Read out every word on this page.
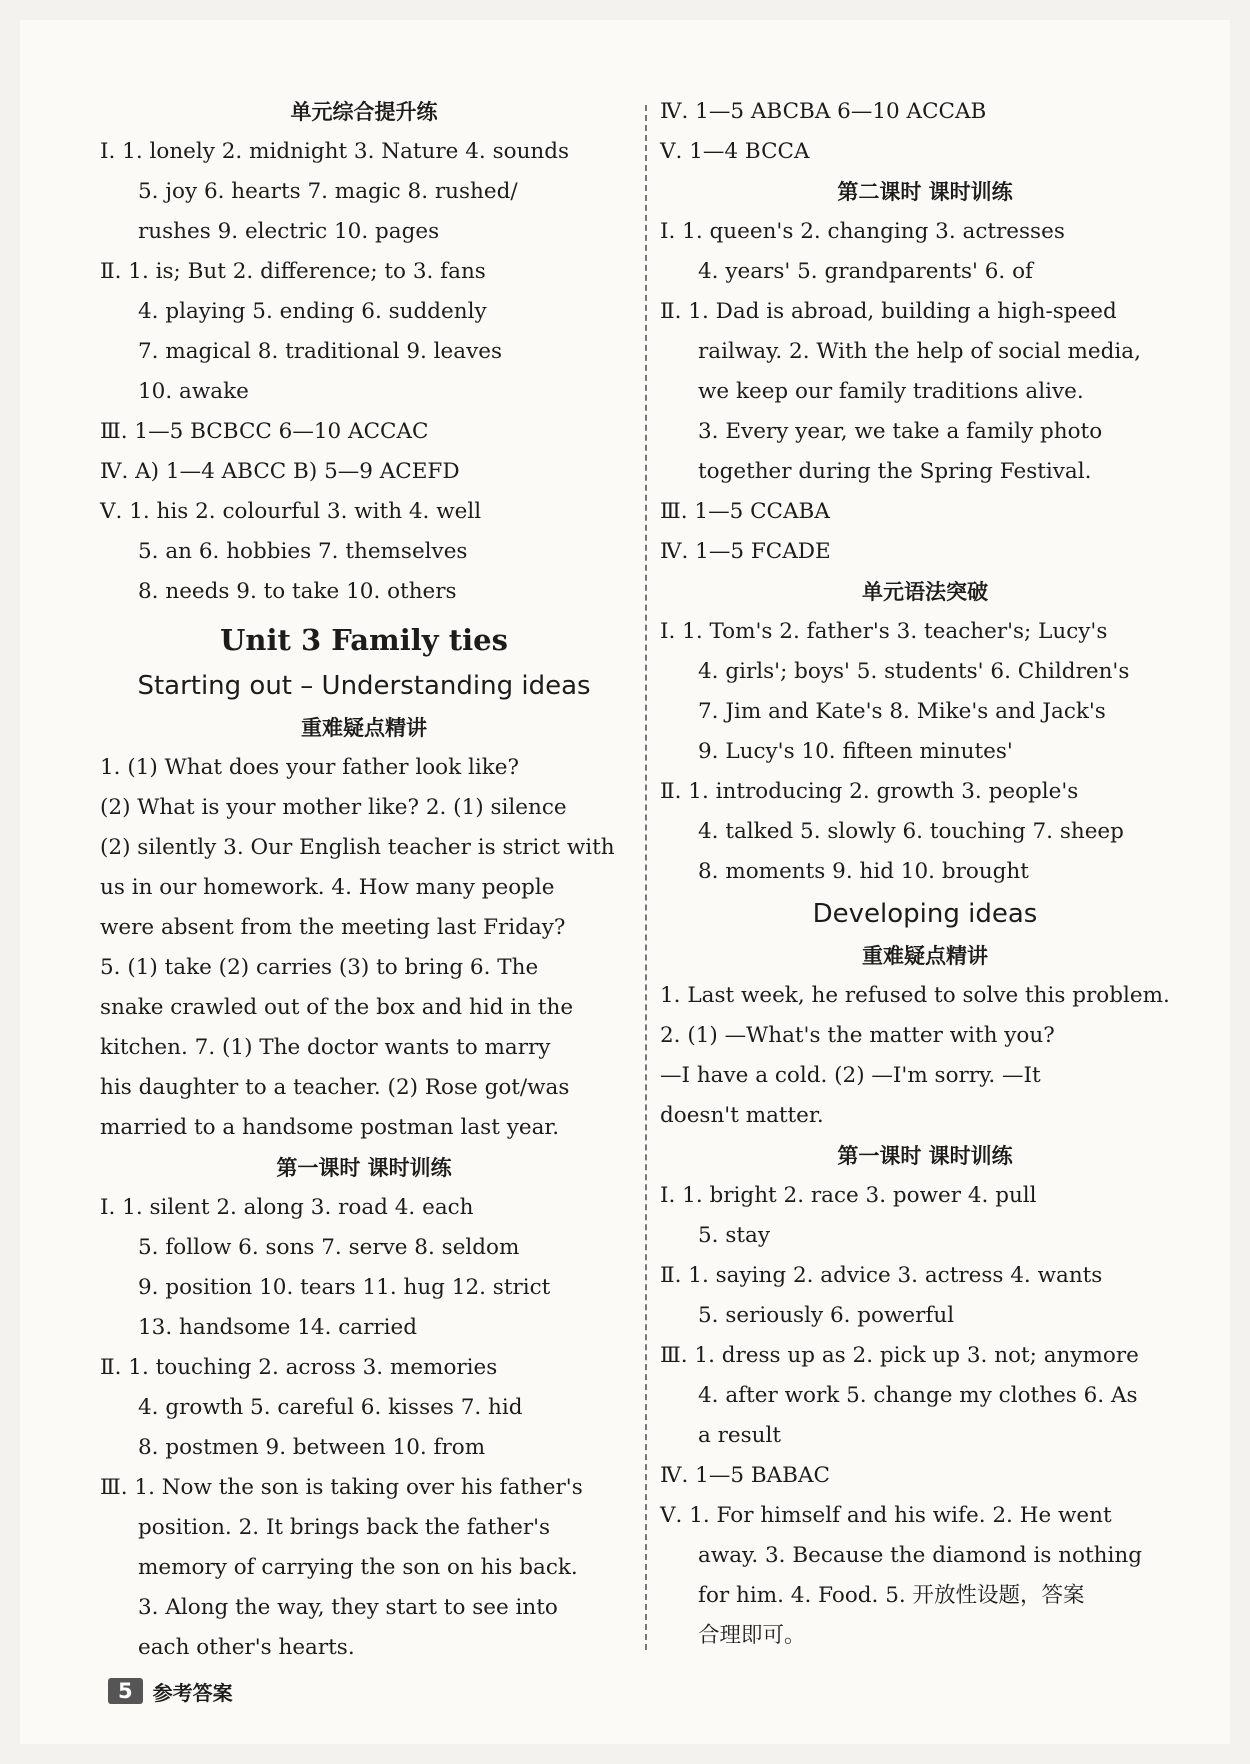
单元综合提升练
Ⅰ. 1. lonely 2. midnight 3. Nature 4. sounds
5. joy 6. hearts 7. magic 8. rushed/
rushes 9. electric 10. pages
Ⅱ. 1. is; But 2. difference; to 3. fans
4. playing 5. ending 6. suddenly
7. magical 8. traditional 9. leaves
10. awake
Ⅲ. 1—5 BCBCC 6—10 ACCAC
Ⅳ. A) 1—4 ABCC B) 5—9 ACEFD
Ⅴ. 1. his 2. colourful 3. with 4. well
5. an 6. hobbies 7. themselves
8. needs 9. to take 10. others
Unit 3 Family ties
Starting out – Understanding ideas
重难疑点精讲
1. (1) What does your father look like?
(2) What is your mother like? 2. (1) silence
(2) silently 3. Our English teacher is strict with
us in our homework. 4. How many people
were absent from the meeting last Friday?
5. (1) take (2) carries (3) to bring 6. The
snake crawled out of the box and hid in the
kitchen. 7. (1) The doctor wants to marry
his daughter to a teacher. (2) Rose got/was
married to a handsome postman last year.
第一课时 课时训练
Ⅰ. 1. silent 2. along 3. road 4. each
5. follow 6. sons 7. serve 8. seldom
9. position 10. tears 11. hug 12. strict
13. handsome 14. carried
Ⅱ. 1. touching 2. across 3. memories
4. growth 5. careful 6. kisses 7. hid
8. postmen 9. between 10. from
Ⅲ. 1. Now the son is taking over his father's
position. 2. It brings back the father's
memory of carrying the son on his back.
3. Along the way, they start to see into
each other's hearts.
Ⅳ. 1—5 ABCBA 6—10 ACCAB
Ⅴ. 1—4 BCCA
第二课时 课时训练
Ⅰ. 1. queen's 2. changing 3. actresses
4. years' 5. grandparents' 6. of
Ⅱ. 1. Dad is abroad, building a high-speed
railway. 2. With the help of social media,
we keep our family traditions alive.
3. Every year, we take a family photo
together during the Spring Festival.
Ⅲ. 1—5 CCABA
Ⅳ. 1—5 FCADE
单元语法突破
Ⅰ. 1. Tom's 2. father's 3. teacher's; Lucy's
4. girls'; boys' 5. students' 6. Children's
7. Jim and Kate's 8. Mike's and Jack's
9. Lucy's 10. fifteen minutes'
Ⅱ. 1. introducing 2. growth 3. people's
4. talked 5. slowly 6. touching 7. sheep
8. moments 9. hid 10. brought
Developing ideas
重难疑点精讲
1. Last week, he refused to solve this problem.
2. (1) —What's the matter with you?
—I have a cold. (2) —I'm sorry. —It
doesn't matter.
第一课时 课时训练
Ⅰ. 1. bright 2. race 3. power 4. pull
5. stay
Ⅱ. 1. saying 2. advice 3. actress 4. wants
5. seriously 6. powerful
Ⅲ. 1. dress up as 2. pick up 3. not; anymore
4. after work 5. change my clothes 6. As
a result
Ⅳ. 1—5 BABAC
Ⅴ. 1. For himself and his wife. 2. He went
away. 3. Because the diamond is nothing
for him. 4. Food. 5. 开放性设题，答案
合理即可。
5	参考答案
